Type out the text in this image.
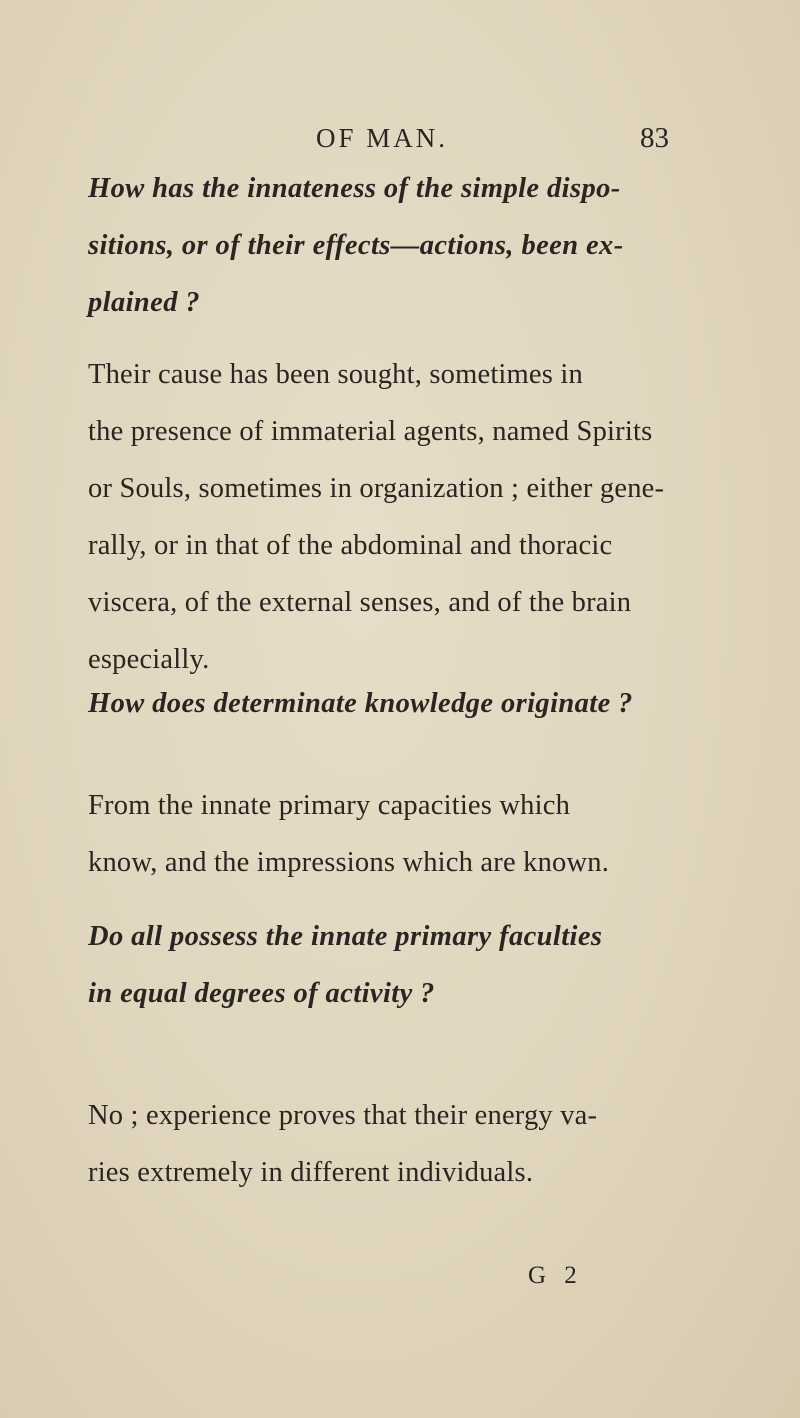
OF MAN.	83

How has the innateness of the simple dispo-
sitions, or of their effects—actions, been ex-
plained ?

Their cause has been sought, sometimes in
the presence of immaterial agents, named Spirits
or Souls, sometimes in organization ; either gene-
rally, or in that of the abdominal and thoracic
viscera, of the external senses, and of the brain
especially.

How does determinate knowledge originate ?

From the innate primary capacities which
know, and the impressions which are known.

Do all possess the innate primary faculties
in equal degrees of activity ?

No ; experience proves that their energy va-
ries extremely in different individuals.

G 2
